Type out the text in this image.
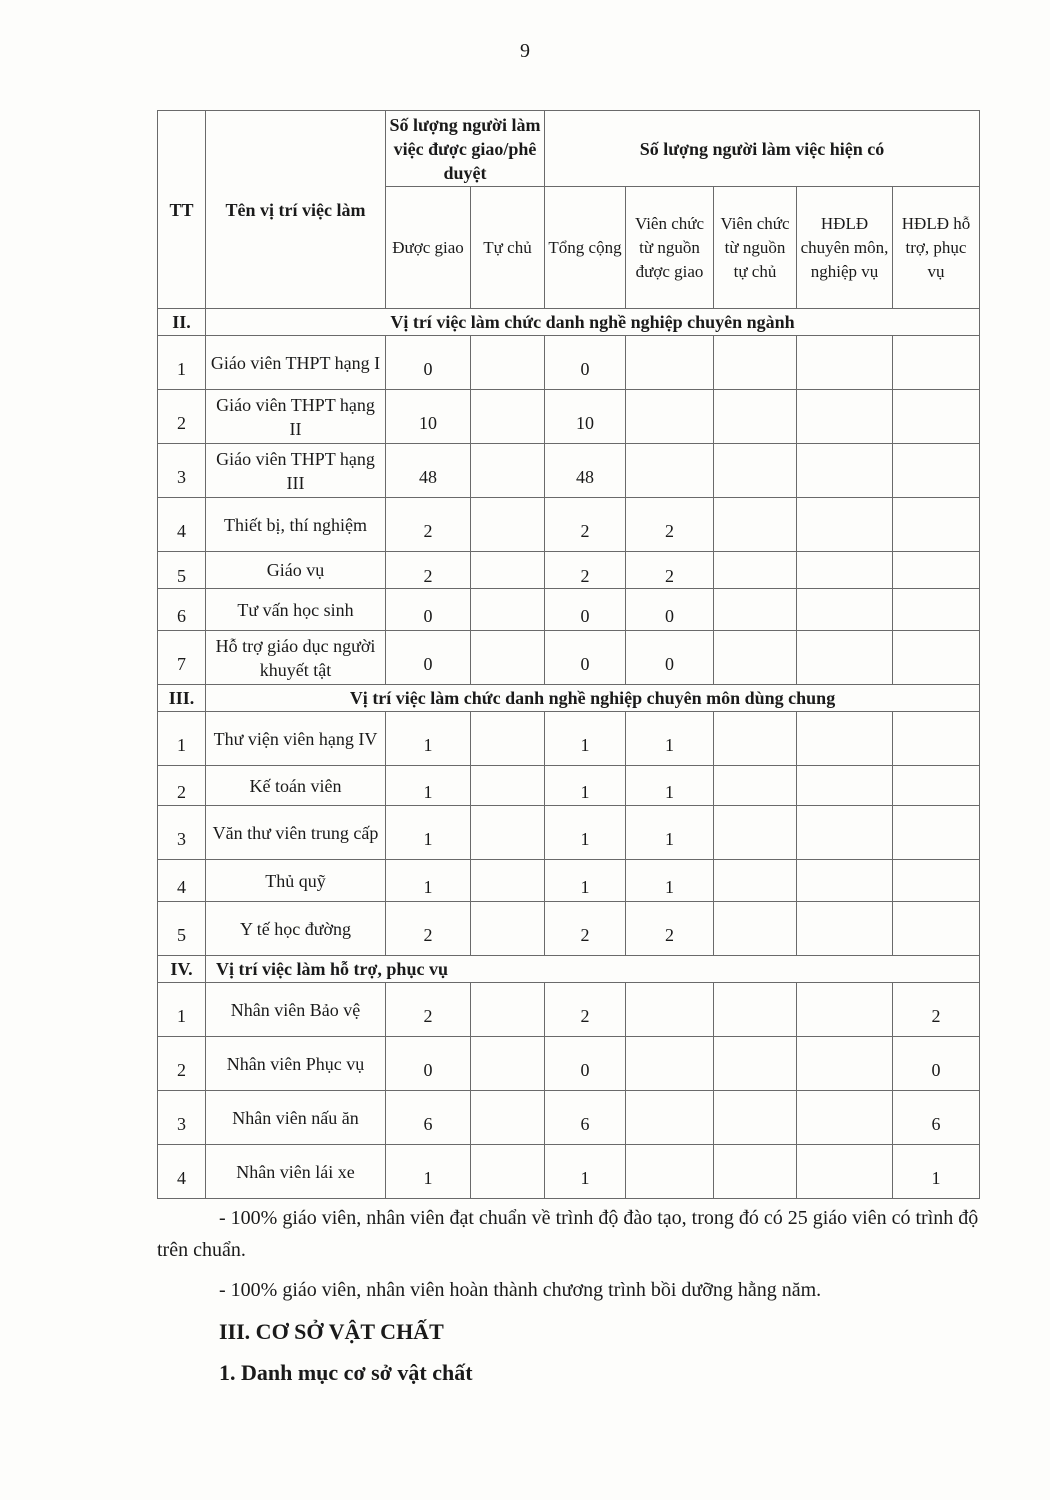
9
TT	Tên vị trí việc làm	Số lượng người làm việc được giao/phê duyệt		Số lượng người làm việc hiện có				
		Được giao	Tự chủ	Tổng cộng	Viên chức từ nguồn được giao	Viên chức từ nguồn tự chủ	HĐLĐ chuyên môn, nghiệp vụ	HĐLĐ hỗ trợ, phục vụ
II.	Vị trí việc làm chức danh nghề nghiệp chuyên ngành							
1	Giáo viên THPT hạng I	0		0				
2	Giáo viên THPT hạng II	10		10				
3	Giáo viên THPT hạng III	48		48				
4	Thiết bị, thí nghiệm	2		2	2			
5	Giáo vụ	2		2	2			
6	Tư vấn học sinh	0		0	0			
7	Hỗ trợ giáo dục người khuyết tật	0		0	0			
III.	Vị trí việc làm chức danh nghề nghiệp chuyên môn dùng chung							
1	Thư viện viên hạng IV	1		1	1			
2	Kế toán viên	1		1	1			
3	Văn thư viên trung cấp	1		1	1			
4	Thủ quỹ	1		1	1			
5	Y tế học đường	2		2	2			
IV.	Vị trí việc làm hỗ trợ, phục vụ							
1	Nhân viên Bảo vệ	2		2				2
2	Nhân viên Phục vụ	0		0				0
3	Nhân viên nấu ăn	6		6				6
4	Nhân viên lái xe	1		1				1
- 100% giáo viên, nhân viên đạt chuẩn về trình độ đào tạo, trong đó có 25 giáo viên có trình độ trên chuẩn.
- 100% giáo viên, nhân viên hoàn thành chương trình bồi dưỡng hằng năm.
III. CƠ SỞ VẬT CHẤT
1. Danh mục cơ sở vật chất
